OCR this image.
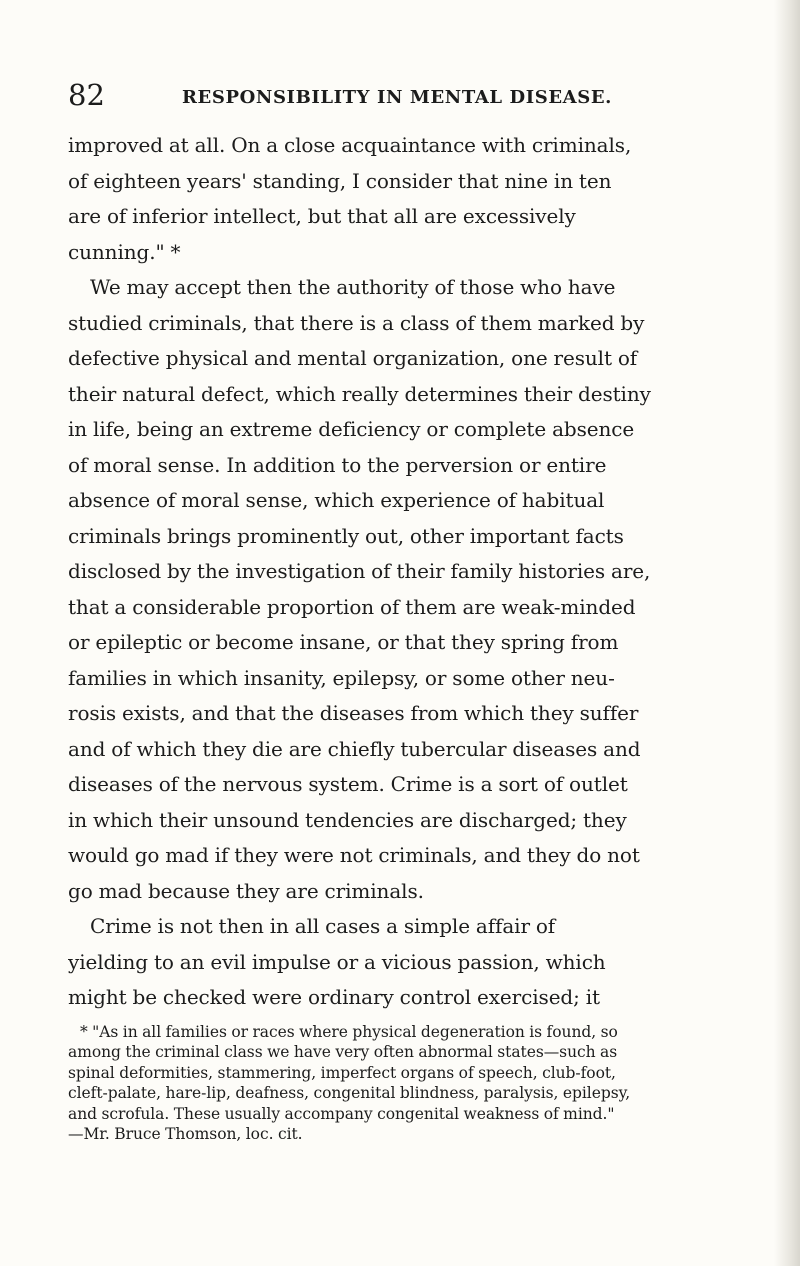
82	RESPONSIBILITY IN MENTAL DISEASE.
improved at all. On a close acquaintance with criminals,
of eighteen years' standing, I consider that nine in ten
are of inferior intellect, but that all are excessively
cunning." *
We may accept then the authority of those who have
studied criminals, that there is a class of them marked by
defective physical and mental organization, one result of
their natural defect, which really determines their destiny
in life, being an extreme deficiency or complete absence
of moral sense. In addition to the perversion or entire
absence of moral sense, which experience of habitual
criminals brings prominently out, other important facts
disclosed by the investigation of their family histories are,
that a considerable proportion of them are weak-minded
or epileptic or become insane, or that they spring from
families in which insanity, epilepsy, or some other neu-
rosis exists, and that the diseases from which they suffer
and of which they die are chiefly tubercular diseases and
diseases of the nervous system. Crime is a sort of outlet
in which their unsound tendencies are discharged; they
would go mad if they were not criminals, and they do not
go mad because they are criminals.
Crime is not then in all cases a simple affair of
yielding to an evil impulse or a vicious passion, which
might be checked were ordinary control exercised; it
* "As in all families or races where physical degeneration is found, so
among the criminal class we have very often abnormal states—such as
spinal deformities, stammering, imperfect organs of speech, club-foot,
cleft-palate, hare-lip, deafness, congenital blindness, paralysis, epilepsy,
and scrofula. These usually accompany congenital weakness of mind."
—Mr. Bruce Thomson, loc. cit.
